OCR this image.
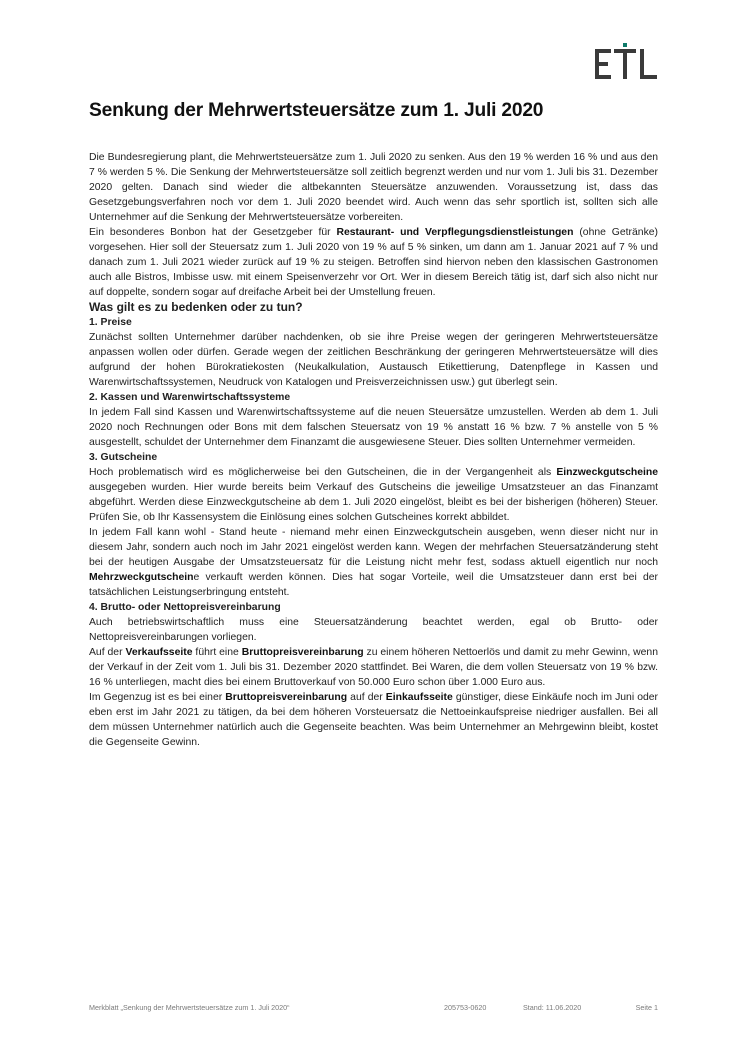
Senkung der Mehrwertsteuersätze zum 1. Juli 2020

Die Bundesregierung plant, die Mehrwertsteuersätze zum 1. Juli 2020 zu senken. Aus den 19 % werden 16 % und aus den 7 % werden 5 %. Die Senkung der Mehrwertsteuersätze soll zeitlich begrenzt werden und nur vom 1. Juli bis 31. Dezember 2020 gelten. Danach sind wieder die altbekannten Steuersätze anzuwenden. Voraussetzung ist, dass das Gesetzgebungsverfahren noch vor dem 1. Juli 2020 beendet wird. Auch wenn das sehr sportlich ist, sollten sich alle Unternehmer auf die Senkung der Mehrwertsteuersätze vorbereiten.

Ein besonderes Bonbon hat der Gesetzgeber für Restaurant- und Verpflegungsdienstleistungen (ohne Getränke) vorgesehen. Hier soll der Steuersatz zum 1. Juli 2020 von 19 % auf 5 % sinken, um dann am 1. Januar 2021 auf 7 % und danach zum 1. Juli 2021 wieder zurück auf 19 % zu steigen. Betroffen sind hiervon neben den klassischen Gastronomen auch alle Bistros, Imbisse usw. mit einem Speisenverzehr vor Ort. Wer in diesem Bereich tätig ist, darf sich also nicht nur auf doppelte, sondern sogar auf dreifache Arbeit bei der Umstellung freuen.

Was gilt es zu bedenken oder zu tun?

1. Preise

Zunächst sollten Unternehmer darüber nachdenken, ob sie ihre Preise wegen der geringeren Mehrwertsteuersätze anpassen wollen oder dürfen. Gerade wegen der zeitlichen Beschränkung der geringeren Mehrwertsteuersätze will dies aufgrund der hohen Bürokratiekosten (Neukalkulation, Austausch Etikettierung, Datenpflege in Kassen und Warenwirtschaftssystemen, Neudruck von Katalogen und Preisverzeichnissen usw.) gut überlegt sein.

2. Kassen und Warenwirtschaftssysteme

In jedem Fall sind Kassen und Warenwirtschaftssysteme auf die neuen Steuersätze umzustellen. Werden ab dem 1. Juli 2020 noch Rechnungen oder Bons mit dem falschen Steuersatz von 19 % anstatt 16 % bzw. 7 % anstelle von 5 % ausgestellt, schuldet der Unternehmer dem Finanzamt die ausgewiesene Steuer. Dies sollten Unternehmer vermeiden.

3. Gutscheine

Hoch problematisch wird es möglicherweise bei den Gutscheinen, die in der Vergangenheit als Einzweckgutscheine ausgegeben wurden. Hier wurde bereits beim Verkauf des Gutscheins die jeweilige Umsatzsteuer an das Finanzamt abgeführt. Werden diese Einzweckgutscheine ab dem 1. Juli 2020 eingelöst, bleibt es bei der bisherigen (höheren) Steuer. Prüfen Sie, ob Ihr Kassensystem die Einlösung eines solchen Gutscheines korrekt abbildet.

In jedem Fall kann wohl - Stand heute - niemand mehr einen Einzweckgutschein ausgeben, wenn dieser nicht nur in diesem Jahr, sondern auch noch im Jahr 2021 eingelöst werden kann. Wegen der mehrfachen Steuersatzänderung steht bei der heutigen Ausgabe der Umsatzsteuersatz für die Leistung nicht mehr fest, sodass aktuell eigentlich nur noch Mehrzweckgutscheine verkauft werden können. Dies hat sogar Vorteile, weil die Umsatzsteuer dann erst bei der tatsächlichen Leistungserbringung entsteht.

4. Brutto- oder Nettopreisvereinbarung

Auch betriebswirtschaftlich muss eine Steuersatzänderung beachtet werden, egal ob Brutto- oder Nettopreisvereinbarungen vorliegen.

Auf der Verkaufsseite führt eine Bruttopreisvereinbarung zu einem höheren Nettoerlös und damit zu mehr Gewinn, wenn der Verkauf in der Zeit vom 1. Juli bis 31. Dezember 2020 stattfindet. Bei Waren, die dem vollen Steuersatz von 19 % bzw. 16 % unterliegen, macht dies bei einem Bruttoverkauf von 50.000 Euro schon über 1.000 Euro aus.

Im Gegenzug ist es bei einer Bruttopreisvereinbarung auf der Einkaufsseite günstiger, diese Einkäufe noch im Juni oder eben erst im Jahr 2021 zu tätigen, da bei dem höheren Vorsteuersatz die Nettoeinkaufspreise niedriger ausfallen. Bei all dem müssen Unternehmer natürlich auch die Gegenseite beachten. Was beim Unternehmer an Mehrgewinn bleibt, kostet die Gegenseite Gewinn.

Merkblatt „Senkung der Mehrwertsteuersätze zum 1. Juli 2020“	205753-0620	Stand: 11.06.2020	Seite 1
